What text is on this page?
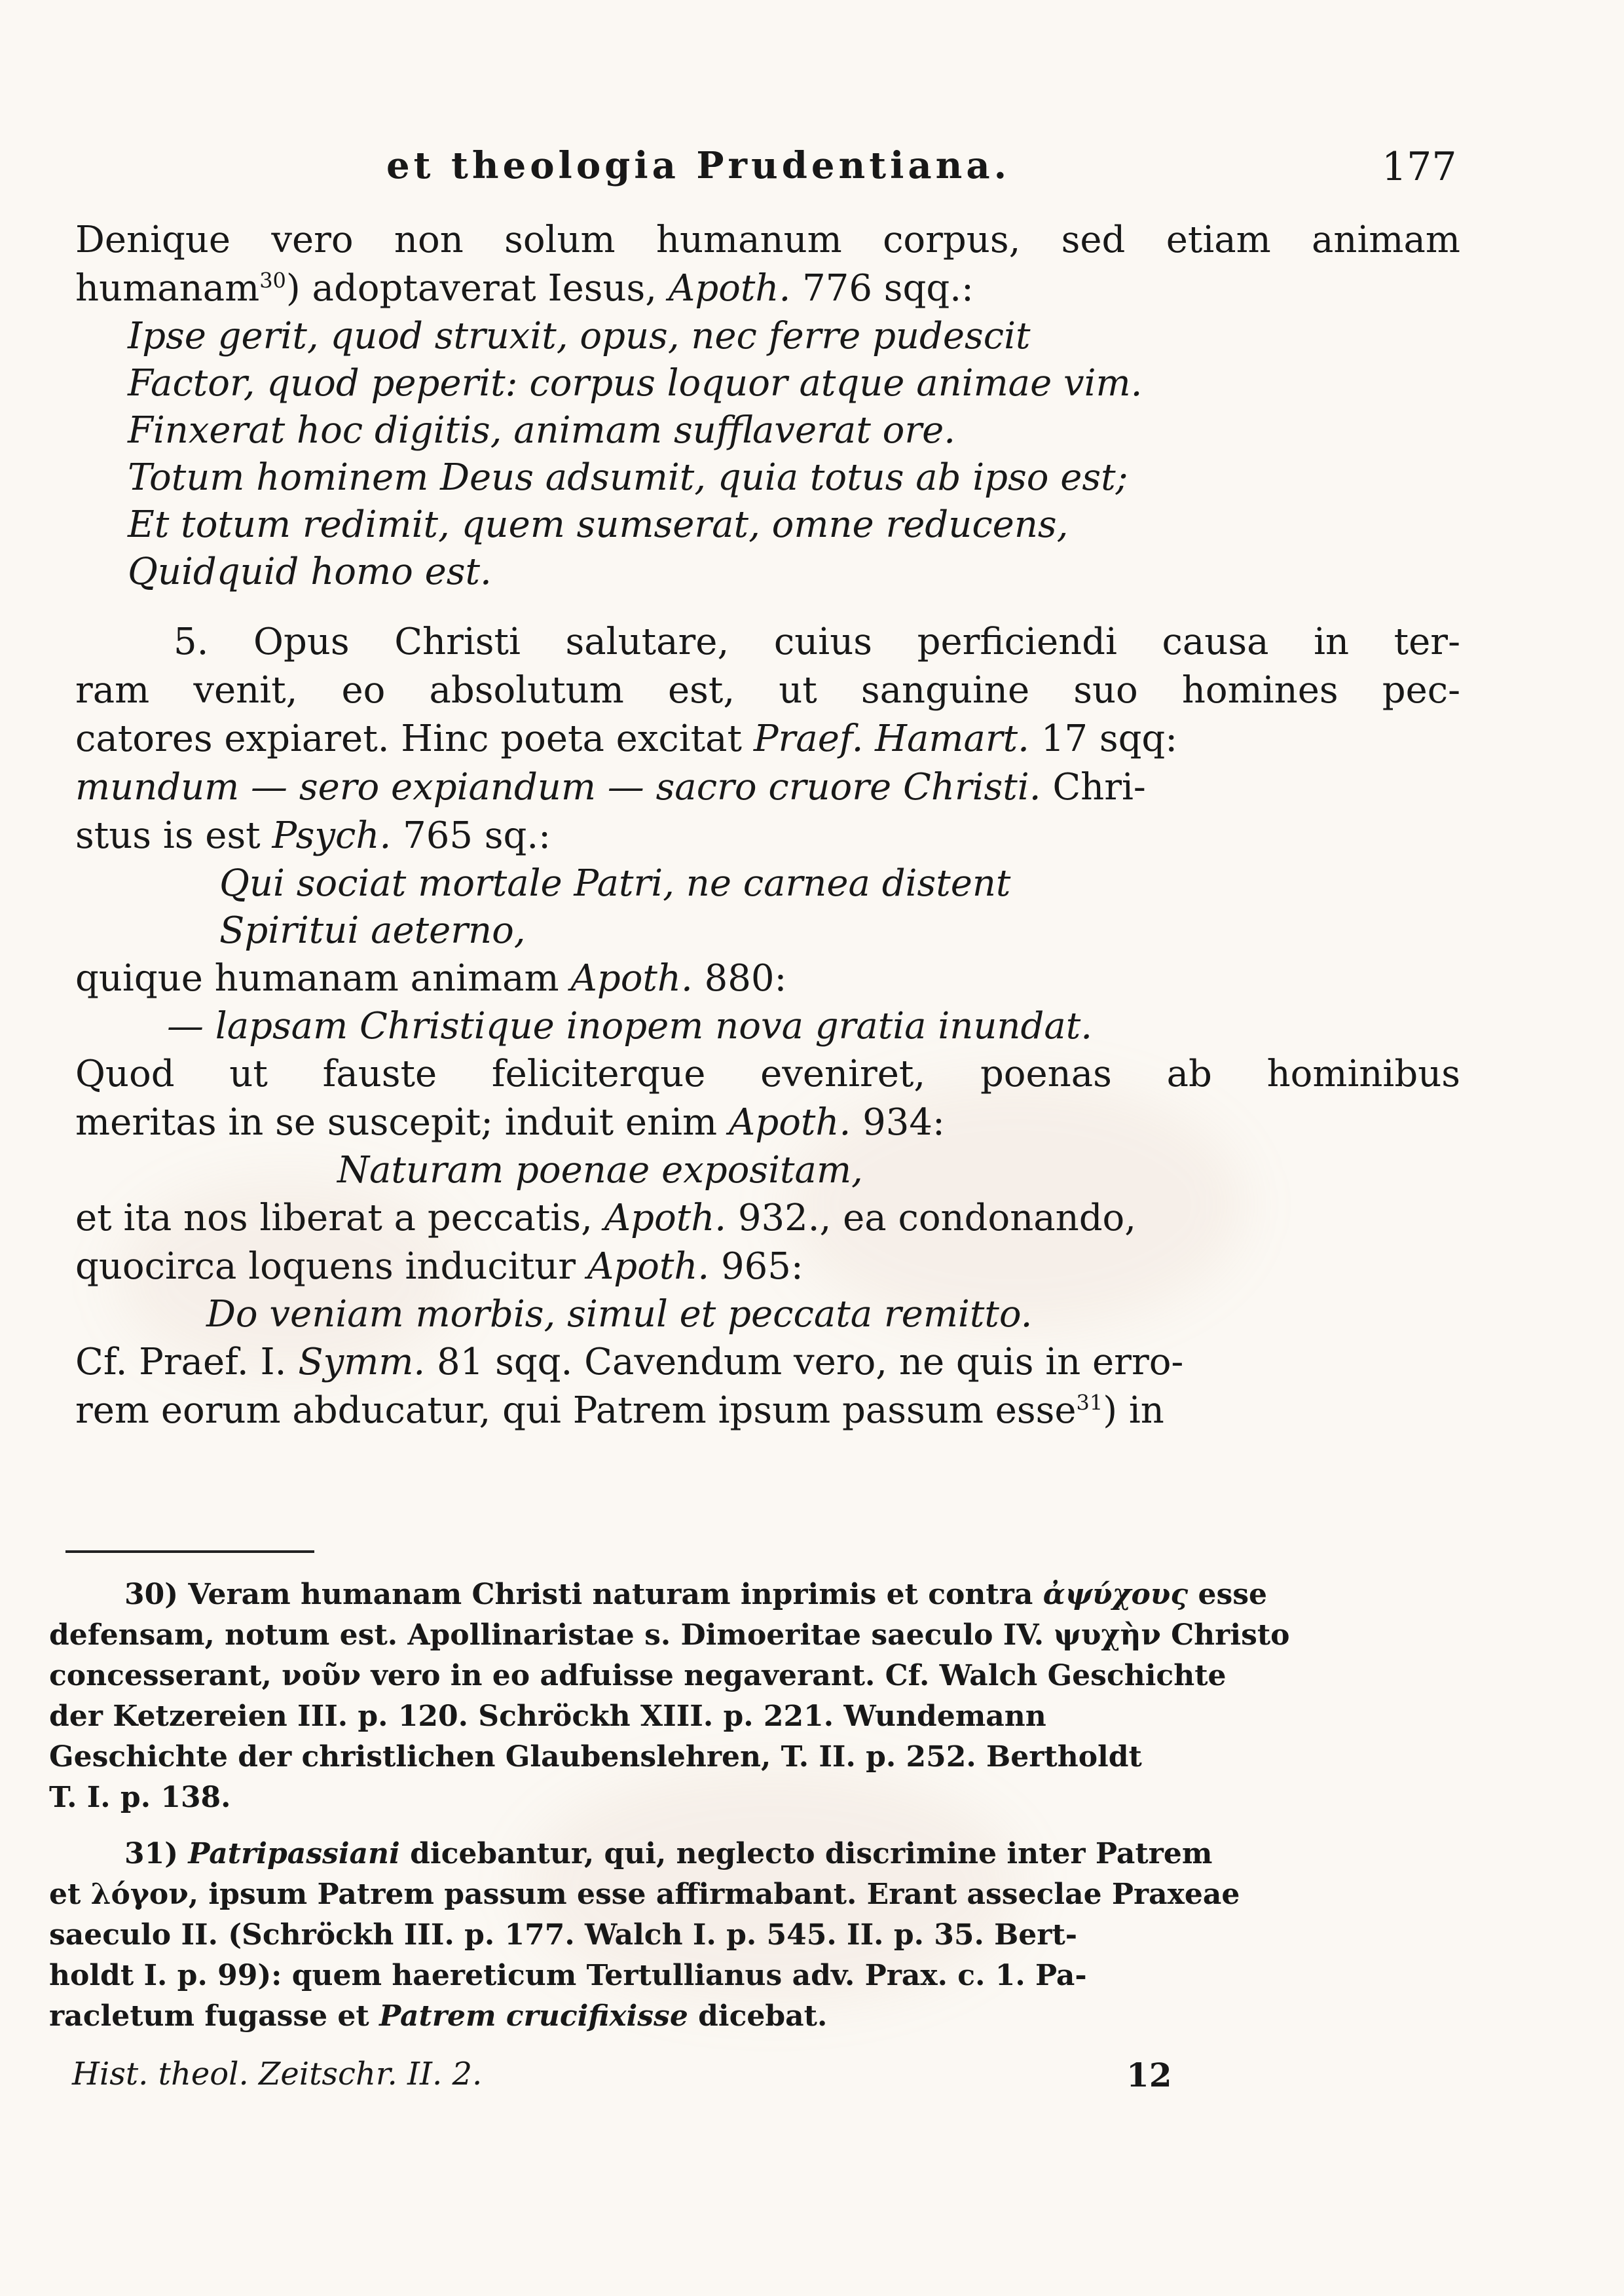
et theologia Prudentiana.	177
Denique vero non solum humanum corpus, sed etiam animam
humanam$^{30}$) adoptaverat Iesus, Apoth. 776 sqq.:
Ipse gerit, quod struxit, opus, nec ferre pudescit
Factor, quod peperit: corpus loquor atque animae vim.
Finxerat hoc digitis, animam sufflaverat ore.
Totum hominem Deus adsumit, quia totus ab ipso est;
Et totum redimit, quem sumserat, omne reducens,
Quidquid homo est.
5. Opus Christi salutare, cuius perficiendi causa in ter-
ram venit, eo absolutum est, ut sanguine suo homines pec-
catores expiaret. Hinc poeta excitat Praef. Hamart. 17 sqq:
mundum — sero expiandum — sacro cruore Christi. Chri-
stus is est Psych. 765 sq.:
Qui sociat mortale Patri, ne carnea distent
Spiritui aeterno,
quique humanam animam Apoth. 880:
— lapsam Christique inopem nova gratia inundat.
Quod ut fauste feliciterque eveniret, poenas ab hominibus
meritas in se suscepit; induit enim Apoth. 934:
Naturam poenae expositam,
et ita nos liberat a peccatis, Apoth. 932., ea condonando,
quocirca loquens inducitur Apoth. 965:
Do veniam morbis, simul et peccata remitto.
Cf. Praef. I. Symm. 81 sqq. Cavendum vero, ne quis in erro-
rem eorum abducatur, qui Patrem ipsum passum esse$^{31}$) in
30) Veram humanam Christi naturam inprimis et contra ἀψύχους esse
defensam, notum est. Apollinaristae s. Dimoeritae saeculo IV. ψυχὴν Christo
concesserant, νοῦν vero in eo adfuisse negaverant. Cf. Walch Geschichte
der Ketzereien III. p. 120. Schröckh XIII. p. 221. Wundemann
Geschichte der christlichen Glaubenslehren, T. II. p. 252. Bertholdt
T. I. p. 138.
31) Patripassiani dicebantur, qui, neglecto discrimine inter Patrem
et λόγον, ipsum Patrem passum esse affirmabant. Erant asseclae Praxeae
saeculo II. (Schröckh III. p. 177. Walch I. p. 545. II. p. 35. Bert-
holdt I. p. 99): quem haereticum Tertullianus adv. Prax. c. 1. Pa-
racletum fugasse et Patrem crucifixisse dicebat.
Hist. theol. Zeitschr. II. 2.	12
